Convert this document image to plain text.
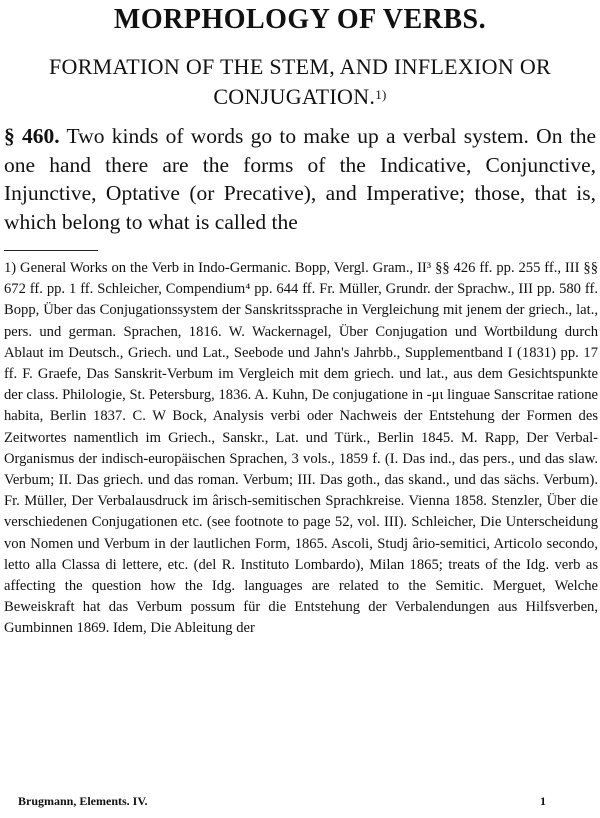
MORPHOLOGY OF VERBS.
FORMATION OF THE STEM, AND INFLEXION OR
CONJUGATION.$^{1)}$
§ 460. Two kinds of words go to make up a verbal system. On the one hand there are the forms of the Indicative, Conjunctive, Injunctive, Optative (or Precative), and Imperative; those, that is, which belong to what is called the

1) General Works on the Verb in Indo-Germanic. Bopp, Vergl. Gram., II³ §§ 426 ff. pp. 255 ff., III §§ 672 ff. pp. 1 ff. Schleicher, Compendium⁴ pp. 644 ff. Fr. Müller, Grundr. der Sprachw., III pp. 580 ff. Bopp, Über das Conjugationssystem der Sanskritssprache in Vergleichung mit jenem der griech., lat., pers. und german. Sprachen, 1816. W. Wackernagel, Über Conjugation und Wortbildung durch Ablaut im Deutsch., Griech. und Lat., Seebode und Jahn's Jahrbb., Supplementband I (1831) pp. 17 ff. F. Graefe, Das Sanskrit-Verbum im Vergleich mit dem griech. und lat., aus dem Gesichtspunkte der class. Philologie, St. Petersburg, 1836. A. Kuhn, De conjugatione in -μι linguae Sanscritae ratione habita, Berlin 1837. C. W Bock, Analysis verbi oder Nachweis der Entstehung der Formen des Zeitwortes namentlich im Griech., Sanskr., Lat. und Türk., Berlin 1845. M. Rapp, Der Verbal-Organismus der indisch-europäischen Sprachen, 3 vols., 1859 f. (I. Das ind., das pers., und das slaw. Verbum; II. Das griech. und das roman. Verbum; III. Das goth., das skand., und das sächs. Verbum). Fr. Müller, Der Verbalausdruck im ârisch-semitischen Sprachkreise. Vienna 1858. Stenzler, Über die verschiedenen Conjugationen etc. (see footnote to page 52, vol. III). Schleicher, Die Unterscheidung von Nomen und Verbum in der lautlichen Form, 1865. Ascoli, Studj ârio-semitici, Articolo secondo, letto alla Classa di lettere, etc. (del R. Instituto Lombardo), Milan 1865; treats of the Idg. verb as affecting the question how the Idg. languages are related to the Semitic. Merguet, Welche Beweiskraft hat das Verbum possum für die Entstehung der Verbalendungen aus Hilfsverben, Gumbinnen 1869. Idem, Die Ableitung der

Brugmann, Elements. IV.	1
